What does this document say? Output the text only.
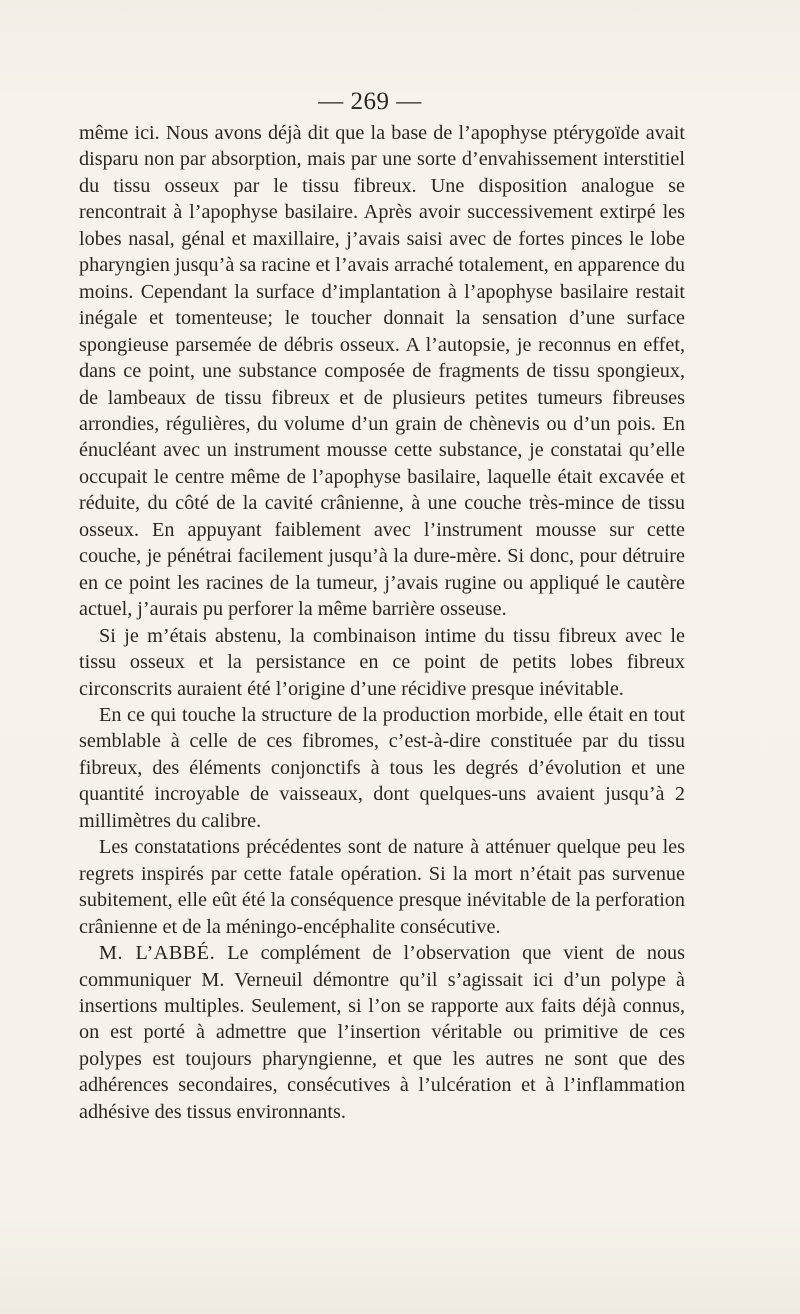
— 269 —

même ici. Nous avons déjà dit que la base de l’apophyse ptérygoïde avait disparu non par absorption, mais par une sorte d’envahissement interstitiel du tissu osseux par le tissu fibreux. Une disposition analogue se rencontrait à l’apophyse basilaire. Après avoir successivement extirpé les lobes nasal, génal et maxillaire, j’avais saisi avec de fortes pinces le lobe pharyngien jusqu’à sa racine et l’avais arraché totalement, en apparence du moins. Cependant la surface d’implantation à l’apophyse basilaire restait inégale et tomenteuse; le toucher donnait la sensation d’une surface spongieuse parsemée de débris osseux. A l’autopsie, je reconnus en effet, dans ce point, une substance composée de fragments de tissu spongieux, de lambeaux de tissu fibreux et de plusieurs petites tumeurs fibreuses arrondies, régulières, du volume d’un grain de chènevis ou d’un pois. En énucléant avec un instrument mousse cette substance, je constatai qu’elle occupait le centre même de l’apophyse basilaire, laquelle était excavée et réduite, du côté de la cavité crânienne, à une couche très-mince de tissu osseux. En appuyant faiblement avec l’instrument mousse sur cette couche, je pénétrai facilement jusqu’à la dure-mère. Si donc, pour détruire en ce point les racines de la tumeur, j’avais rugine ou appliqué le cautère actuel, j’aurais pu perforer la même barrière osseuse.

Si je m’étais abstenu, la combinaison intime du tissu fibreux avec le tissu osseux et la persistance en ce point de petits lobes fibreux circonscrits auraient été l’origine d’une récidive presque inévitable.

En ce qui touche la structure de la production morbide, elle était en tout semblable à celle de ces fibromes, c’est-à-dire constituée par du tissu fibreux, des éléments conjonctifs à tous les degrés d’évolution et une quantité incroyable de vaisseaux, dont quelques-uns avaient jusqu’à 2 millimètres du calibre.

Les constatations précédentes sont de nature à atténuer quelque peu les regrets inspirés par cette fatale opération. Si la mort n’était pas survenue subitement, elle eût été la conséquence presque inévitable de la perforation crânienne et de la méningo-encéphalite consécutive.

M. L’ABBÉ. Le complément de l’observation que vient de nous communiquer M. Verneuil démontre qu’il s’agissait ici d’un polype à insertions multiples. Seulement, si l’on se rapporte aux faits déjà connus, on est porté à admettre que l’insertion véritable ou primitive de ces polypes est toujours pharyngienne, et que les autres ne sont que des adhérences secondaires, consécutives à l’ulcération et à l’inflammation adhésive des tissus environnants.
